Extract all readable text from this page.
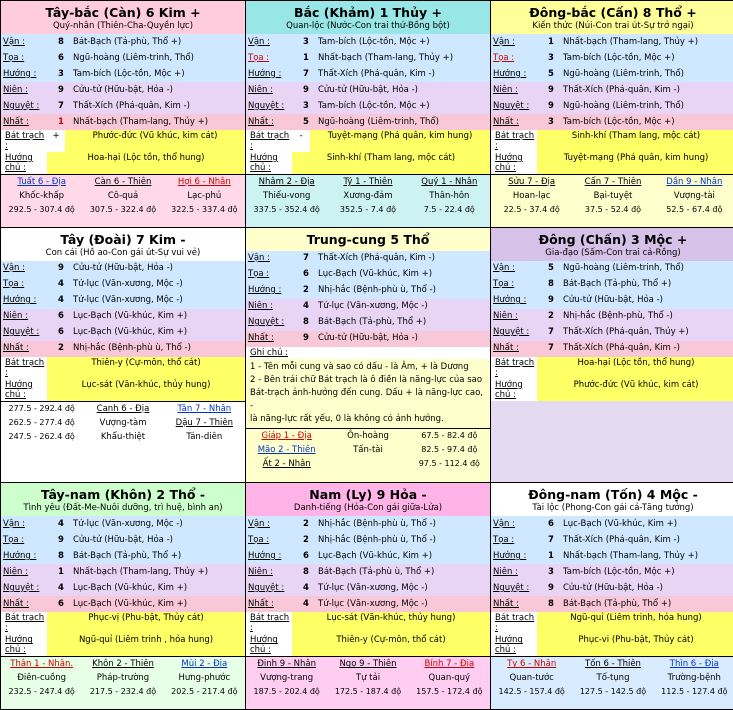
Tây-bắc (Càn) 6 Kim +
Quý-nhân (Thiên-Cha-Quyền lực)
Vận :	8	Bát-Bạch (Tả-phù, Thổ +)
Tọa :	6	Ngũ-hoàng (Liêm-trinh, Thổ)
Hướng :	3	Tam-bích (Lộc-tồn, Mộc +)
Niên :	9	Cửu-tử (Hữu-bật, Hỏa -)
Nguyệt :	7	Thất-Xích (Phá-quân, Kim -)
Nhất :	1	Nhất-bạch (Tham-lang, Thủy +)
Bát trạch :
+	Phước-đức (Vũ khúc, kim cát)
Hướng chủ :
Hoa-hại (Lộc tồn, thổ hung)
Tuất 6 - Địa	Càn 6 - Thiên	Hợi 6 - Nhân
Khốc-khấp	Cô-quả	Lạc-phủ
292.5 - 307.4 độ	307.5 - 322.4 độ	322.5 - 337.4 độ

Bắc (Khảm) 1 Thủy +
Quan-lộc (Nước-Con trai thứ-Bồng bột)
Vận :	3	Tam-bích (Lộc-tồn, Mộc +)
Tọa :	1	Nhất-bạch (Tham-lang, Thủy +)
Hướng :	7	Thất-Xích (Phá-quân, Kim -)
Niên :	9	Cửu-tử (Hữu-bật, Hỏa -)
Nguyệt :	3	Tam-bích (Lộc-tồn, Mộc +)
Nhất :	5	Ngũ-hoàng (Liêm-trinh, Thổ)
Bát trạch :
-	Tuyệt-mạng (Phá quân, kim hung)
Hướng chủ :
Sinh-khí (Tham lang, mộc cát)
Nhâm 2 - Địa	Tý 1 - Thiên	Quý 1 - Nhân
Thiếu-vong	Xương-đảm	Thân-hôn
337.5 - 352.4 độ	352.5 - 7.4 độ	7.5 - 22.4 độ

Đông-bắc (Cấn) 8 Thổ +
Kiến thức (Núi-Con trai út-Sự trở ngại)
Vận :	1	Nhất-bạch (Tham-lang, Thủy +)
Tọa :	3	Tam-bích (Lộc-tồn, Mộc +)
Hướng :	5	Ngũ-hoàng (Liêm-trinh, Thổ)
Niên :	9	Thất-Xích (Phá-quân, Kim -)
Nguyệt :	9	Ngũ-hoàng (Liêm-trinh, Thổ)
Nhất :	3	Tam-bích (Lộc-tồn, Mộc +)
Bát trạch :
Sinh-khí (Tham lang, mộc cát)
Hướng chủ :
Tuyệt-mạng (Phá quân, kim hung)
Sửu 7 - Địa	Cấn 7 - Thiên	Dần 9 - Nhân
Hoan-lạc	Bại-tuyệt	Vượng-tài
22.5 - 37.4 độ	37.5 - 52.4 độ	52.5 - 67.4 độ

Tây (Đoài) 7 Kim -
Con cái (Hồ ao-Con gái út-Sự vui vẻ)
Vận :	9	Cửu-tử (Hữu-bật, Hỏa -)
Tọa :	4	Tứ-lục (Văn-xương, Mộc -)
Hướng :	4	Tứ-lục (Văn-xương, Mộc -)
Niên :	6	Lục-Bạch (Vũ-khúc, Kim +)
Nguyệt :	6	Lục-Bạch (Vũ-khúc, Kim +)
Nhất :	2	Nhị-hắc (Bệnh-phù ù, Thổ -)
Bát trạch :
Thiên-y (Cự-môn, thổ cát)
Hướng chủ :
Lục-sát (Văn-khúc, thủy hung)
277.5 - 292.4 độ	Canh 6 - Địa	Tân 7 - Nhân
262.5 - 277.4 độ	Vượng-tàm	Dậu 7 - Thiên
247.5 - 262.4 độ	Khẩu-thiệt	Tán-diên

Trung-cung 5 Thổ
Vận :	7	Thất-Xích (Phá-quân, Kim -)
Tọa :	6	Lục-Bạch (Vũ-khúc, Kim +)
Hướng :	2	Nhị-hắc (Bệnh-phù ù, Thổ -)
Niên :	4	Tứ-lục (Văn-xương, Mộc -)
Nguyệt :	8	Bát-Bạch (Tả-phù, Thổ +)
Nhất :	9	Cửu-tử (Hữu-bật, Hỏa -)
Ghi chú :
1 - Tên mỗi cung và sao có dấu - là Âm, + là Dương
2 - Bên trái chữ Bát trạch là ô điền là năng-lực của sao
Bát-trạch ảnh-hưởng đến cung. Dấu + là năng-lực cao, -
là năng-lực rất yếu, 0 là không có ảnh hưởng.
Giáp 1 - Địa	Ôn-hoàng	67.5 - 82.4 độ
Mão 2 - Thiên	Tấn-tài	82.5 - 97.4 độ
Ất 2 - Nhân	97.5 - 112.4 độ

Đông (Chấn) 3 Mộc +
Gia-đạo (Sấm-Con trai cả-Rồng)
Vận :	5	Ngũ-hoàng (Liêm-trinh, Thổ)
Tọa :	8	Bát-Bạch (Tả-phù, Thổ +)
Hướng :	9	Cửu-tử (Hữu-bật, Hỏa -)
Niên :	2	Nhị-hắc (Bệnh-phù, Thổ -)
Nguyệt :	7	Thất-Xích (Phá-quân, Thủy +)
Nhất :	7	Thất-Xích (Phá-quân, Kim -)
Bát trạch :
Hoa-hại (Lộc tồn, thổ hung)
Hướng chủ :
Phước-đức (Vũ khúc, kim cát)

Tây-nam (Khôn) 2 Thổ -
Tình yêu (Đất-Me-Nuôi dưỡng, trì huệ, bình an)
Vận :	4	Tứ-lục (Văn-xương, Mộc -)
Tọa :	9	Cửu-tử (Hữu-bật, Hỏa -)
Hướng :	8	Bát-Bạch (Tả-phù, Thổ +)
Niên :	1	Nhất-bạch (Tham-lang, Thủy +)
Nguyệt :	4	Lục-Bạch (Vũ-khúc, Kim +)
Nhất :	6	Lục-Bạch (Vũ-khúc, Kim +)
Bát trạch :
Phục-vị (Phu-bật, Thủy cát)
Hướng chủ :
Ngũ-quỉ (Liêm trinh , hỏa hung)
Thân 1 - Nhân.	Khôn 2 - Thiên	Mùi 2 - Địa
Điên-cuồng	Pháp-trường	Hưng-phước
232.5 - 247.4 độ	217.5 - 232.4 độ	202.5 - 217.4 độ

Nam (Ly) 9 Hỏa -
Danh-tiếng (Hỏa-Con gái giữa-Lửa)
Vận :	2	Nhị-hắc (Bệnh-phù ù, Thổ -)
Tọa :	2	Nhị-hắc (Bệnh-phù ù, Thổ -)
Hướng :	6	Lục-Bạch (Vũ-khúc, Kim +)
Niên :	8	Bát-Bạch (Tả-phù ù, Thổ +)
Nguyệt :	4	Tứ-lục (Văn-xương, Mộc -)
Nhất :	4	Tứ-lục (Văn-xương, Mộc -)
Bát trạch :
Lục-sát (Văn-khúc, thủy hung)
Hướng chủ :
Thiên-y (Cự-môn, thổ cát)
Đinh 9 - Nhân	Ngọ 9 - Thiên	Bính 7 - Địa
Vượng-trang	Tự tải	Quan-quý
187.5 - 202.4 độ	172.5 - 187.4 độ	157.5 - 172.4 độ

Đông-nam (Tốn) 4 Mộc -
Tài lộc (Phong-Con gái cả-Tăng tưởng)
Vận :	6	Lục-Bạch (Vũ-khúc, Kim +)
Tọa :	7	Thất-Xích (Phá-quân, Kim -)
Hướng :	1	Nhất-bạch (Tham-lang, Thủy +)
Niên :	3	Tam-bích (Lộc-tồn, Mộc +)
Nguyệt :	9	Cửu-tử (Hữu-bật, Hỏa -)
Nhất :	8	Bát-Bạch (Tả-phù, Thổ +)
Bát trạch :
Ngũ-quỉ (Liêm trinh, hỏa hung)
Hướng chủ :
Phục-vi (Phu-bật, Thủy cát)
Tỵ 6 - Nhân	Tốn 6 - Thiên	Thìn 6 - Địa
Quan-tước	Tố-tụng	Trường-bệnh
142.5 - 157.4 độ	127.5 - 142.5 độ	112.5 - 127.4 độ
